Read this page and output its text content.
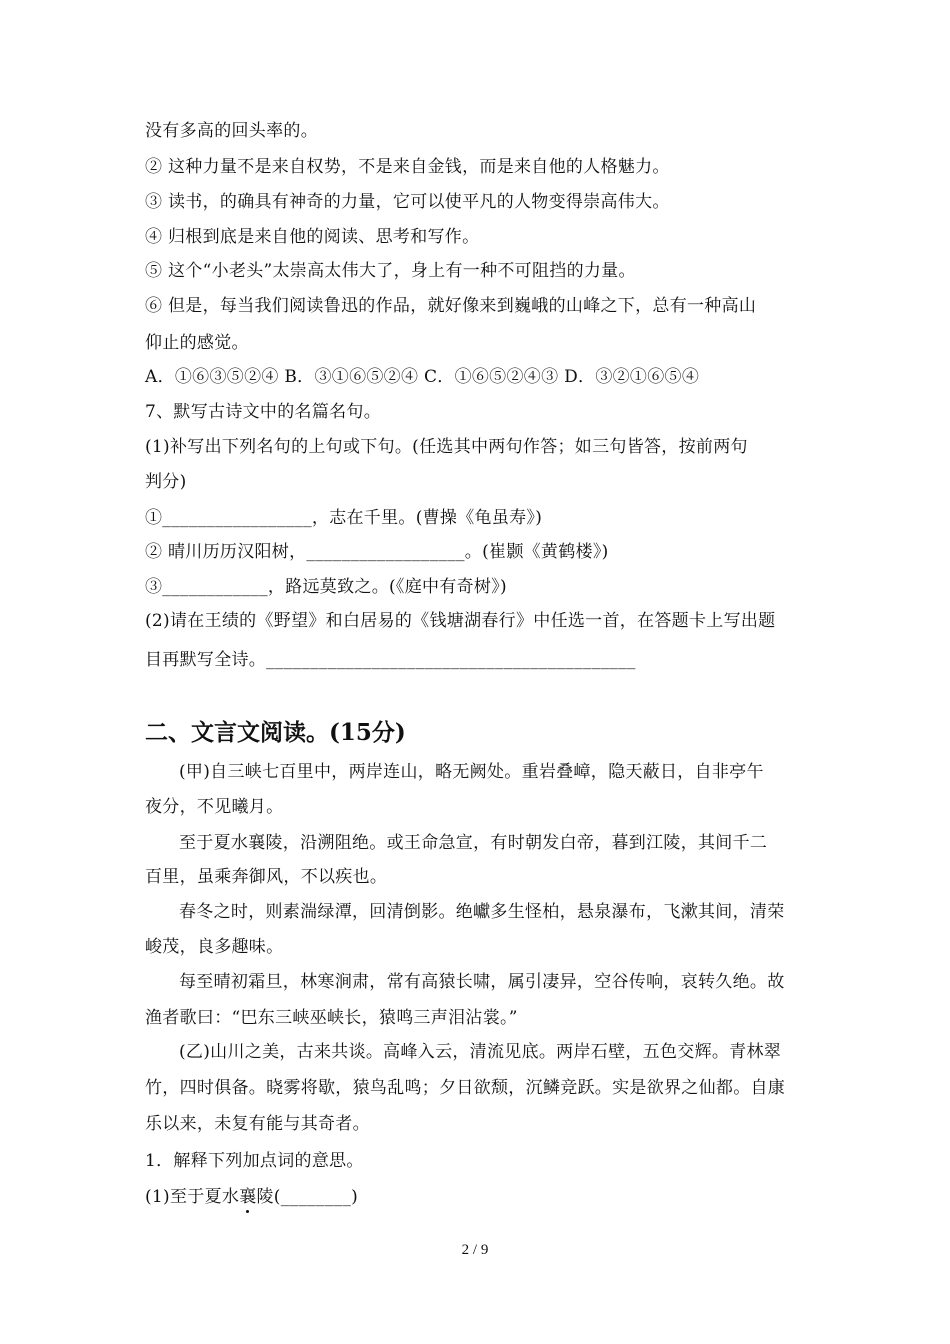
没有多高的回头率的。
② 这种力量不是来自权势，不是来自金钱，而是来自他的人格魅力。
③ 读书，的确具有神奇的力量，它可以使平凡的人物变得崇高伟大。
④ 归根到底是来自他的阅读、思考和写作。
⑤ 这个“小老头”太崇高太伟大了，身上有一种不可阻挡的力量。
⑥ 但是，每当我们阅读鲁迅的作品，就好像来到巍峨的山峰之下，总有一种高山
仰止的感觉。
A．①⑥③⑤②④ B．③①⑥⑤②④ C．①⑥⑤②④③ D．③②①⑥⑤④
7、默写古诗文中的名篇名句。
(1)补写出下列名句的上句或下句。(任选其中两句作答；如三句皆答，按前两句
判分)
①_________________，志在千里。(曹操《龟虽寿》)
② 晴川历历汉阳树，__________________。(崔颢《黄鹤楼》)
③____________，路远莫致之。(《庭中有奇树》)
(2)请在王绩的《野望》和白居易的《钱塘湖春行》中任选一首，在答题卡上写出题
目再默写全诗。__________________________________________
二、文言文阅读。(15分)
(甲)自三峡七百里中，两岸连山，略无阙处。重岩叠嶂，隐天蔽日，自非亭午
夜分，不见曦月。
至于夏水襄陵，沿溯阻绝。或王命急宣，有时朝发白帝，暮到江陵，其间千二
百里，虽乘奔御风，不以疾也。
春冬之时，则素湍绿潭，回清倒影。绝巘多生怪柏，悬泉瀑布，飞漱其间，清荣
峻茂，良多趣味。
每至晴初霜旦，林寒涧肃，常有高猿长啸，属引凄异，空谷传响，哀转久绝。故
渔者歌曰：“巴东三峡巫峡长，猿鸣三声泪沾裳。”
(乙)山川之美，古来共谈。高峰入云，清流见底。两岸石壁，五色交辉。青林翠
竹，四时俱备。晓雾将歇，猿鸟乱鸣；夕日欲颓，沉鳞竞跃。实是欲界之仙都。自康
乐以来，未复有能与其奇者。
1．解释下列加点词的意思。
(1)至于夏水襄陵(________)
2 / 9
